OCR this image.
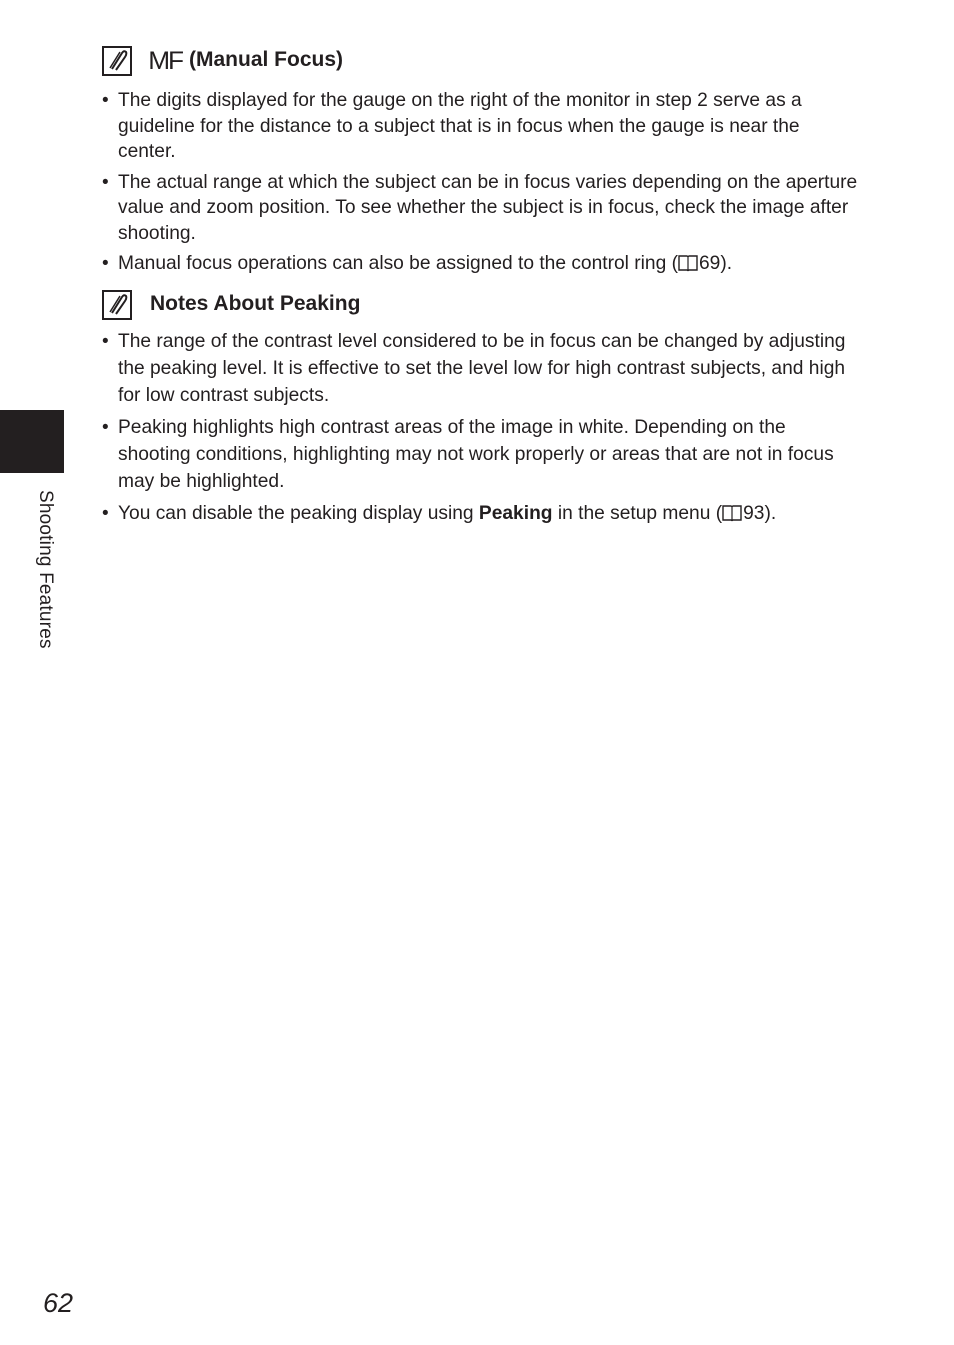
Shooting Features
MF (Manual Focus)
• The digits displayed for the gauge on the right of the monitor in step 2 serve as a guideline for the distance to a subject that is in focus when the gauge is near the center.
• The actual range at which the subject can be in focus varies depending on the aperture value and zoom position. To see whether the subject is in focus, check the image after shooting.
• Manual focus operations can also be assigned to the control ring ( 69).
Notes About Peaking
• The range of the contrast level considered to be in focus can be changed by adjusting the peaking level. It is effective to set the level low for high contrast subjects, and high for low contrast subjects.
• Peaking highlights high contrast areas of the image in white. Depending on the shooting conditions, highlighting may not work properly or areas that are not in focus may be highlighted.
• You can disable the peaking display using Peaking in the setup menu ( 93).
62
